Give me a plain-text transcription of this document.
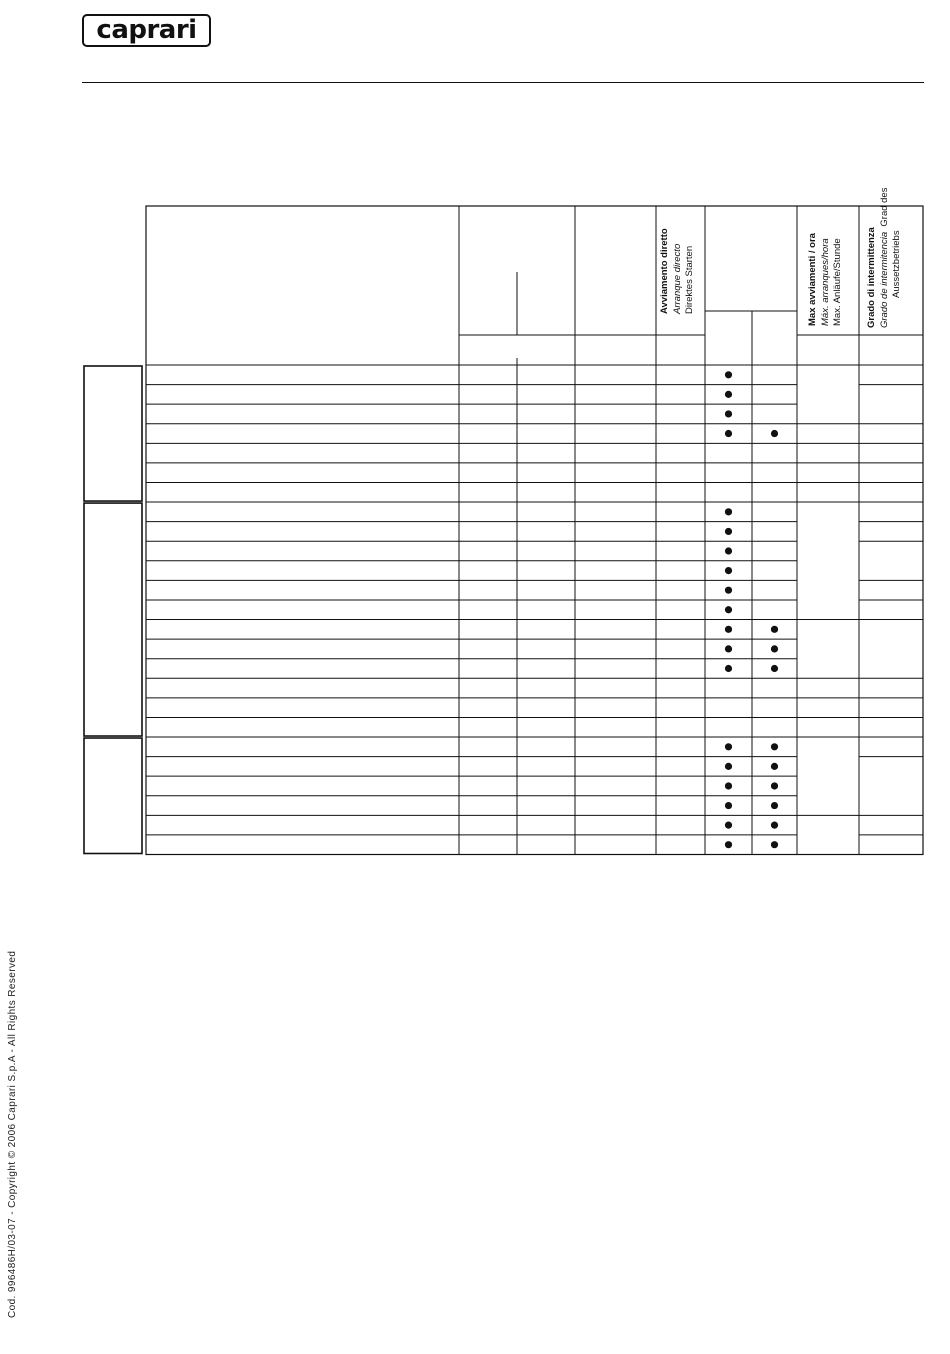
caprari
Avviamento diretto Arranque directo Direktes Starten	Max avviamenti / ora Máx. arranques/hora Max. Anläufe/Stunde Grado di intermittenza Grado de intermitencia  Grad des
Aussetzbetriebs
Cod. 996486H/03-07 - Copyright © 2006 Caprari S.p.A - All Rights Reserved
